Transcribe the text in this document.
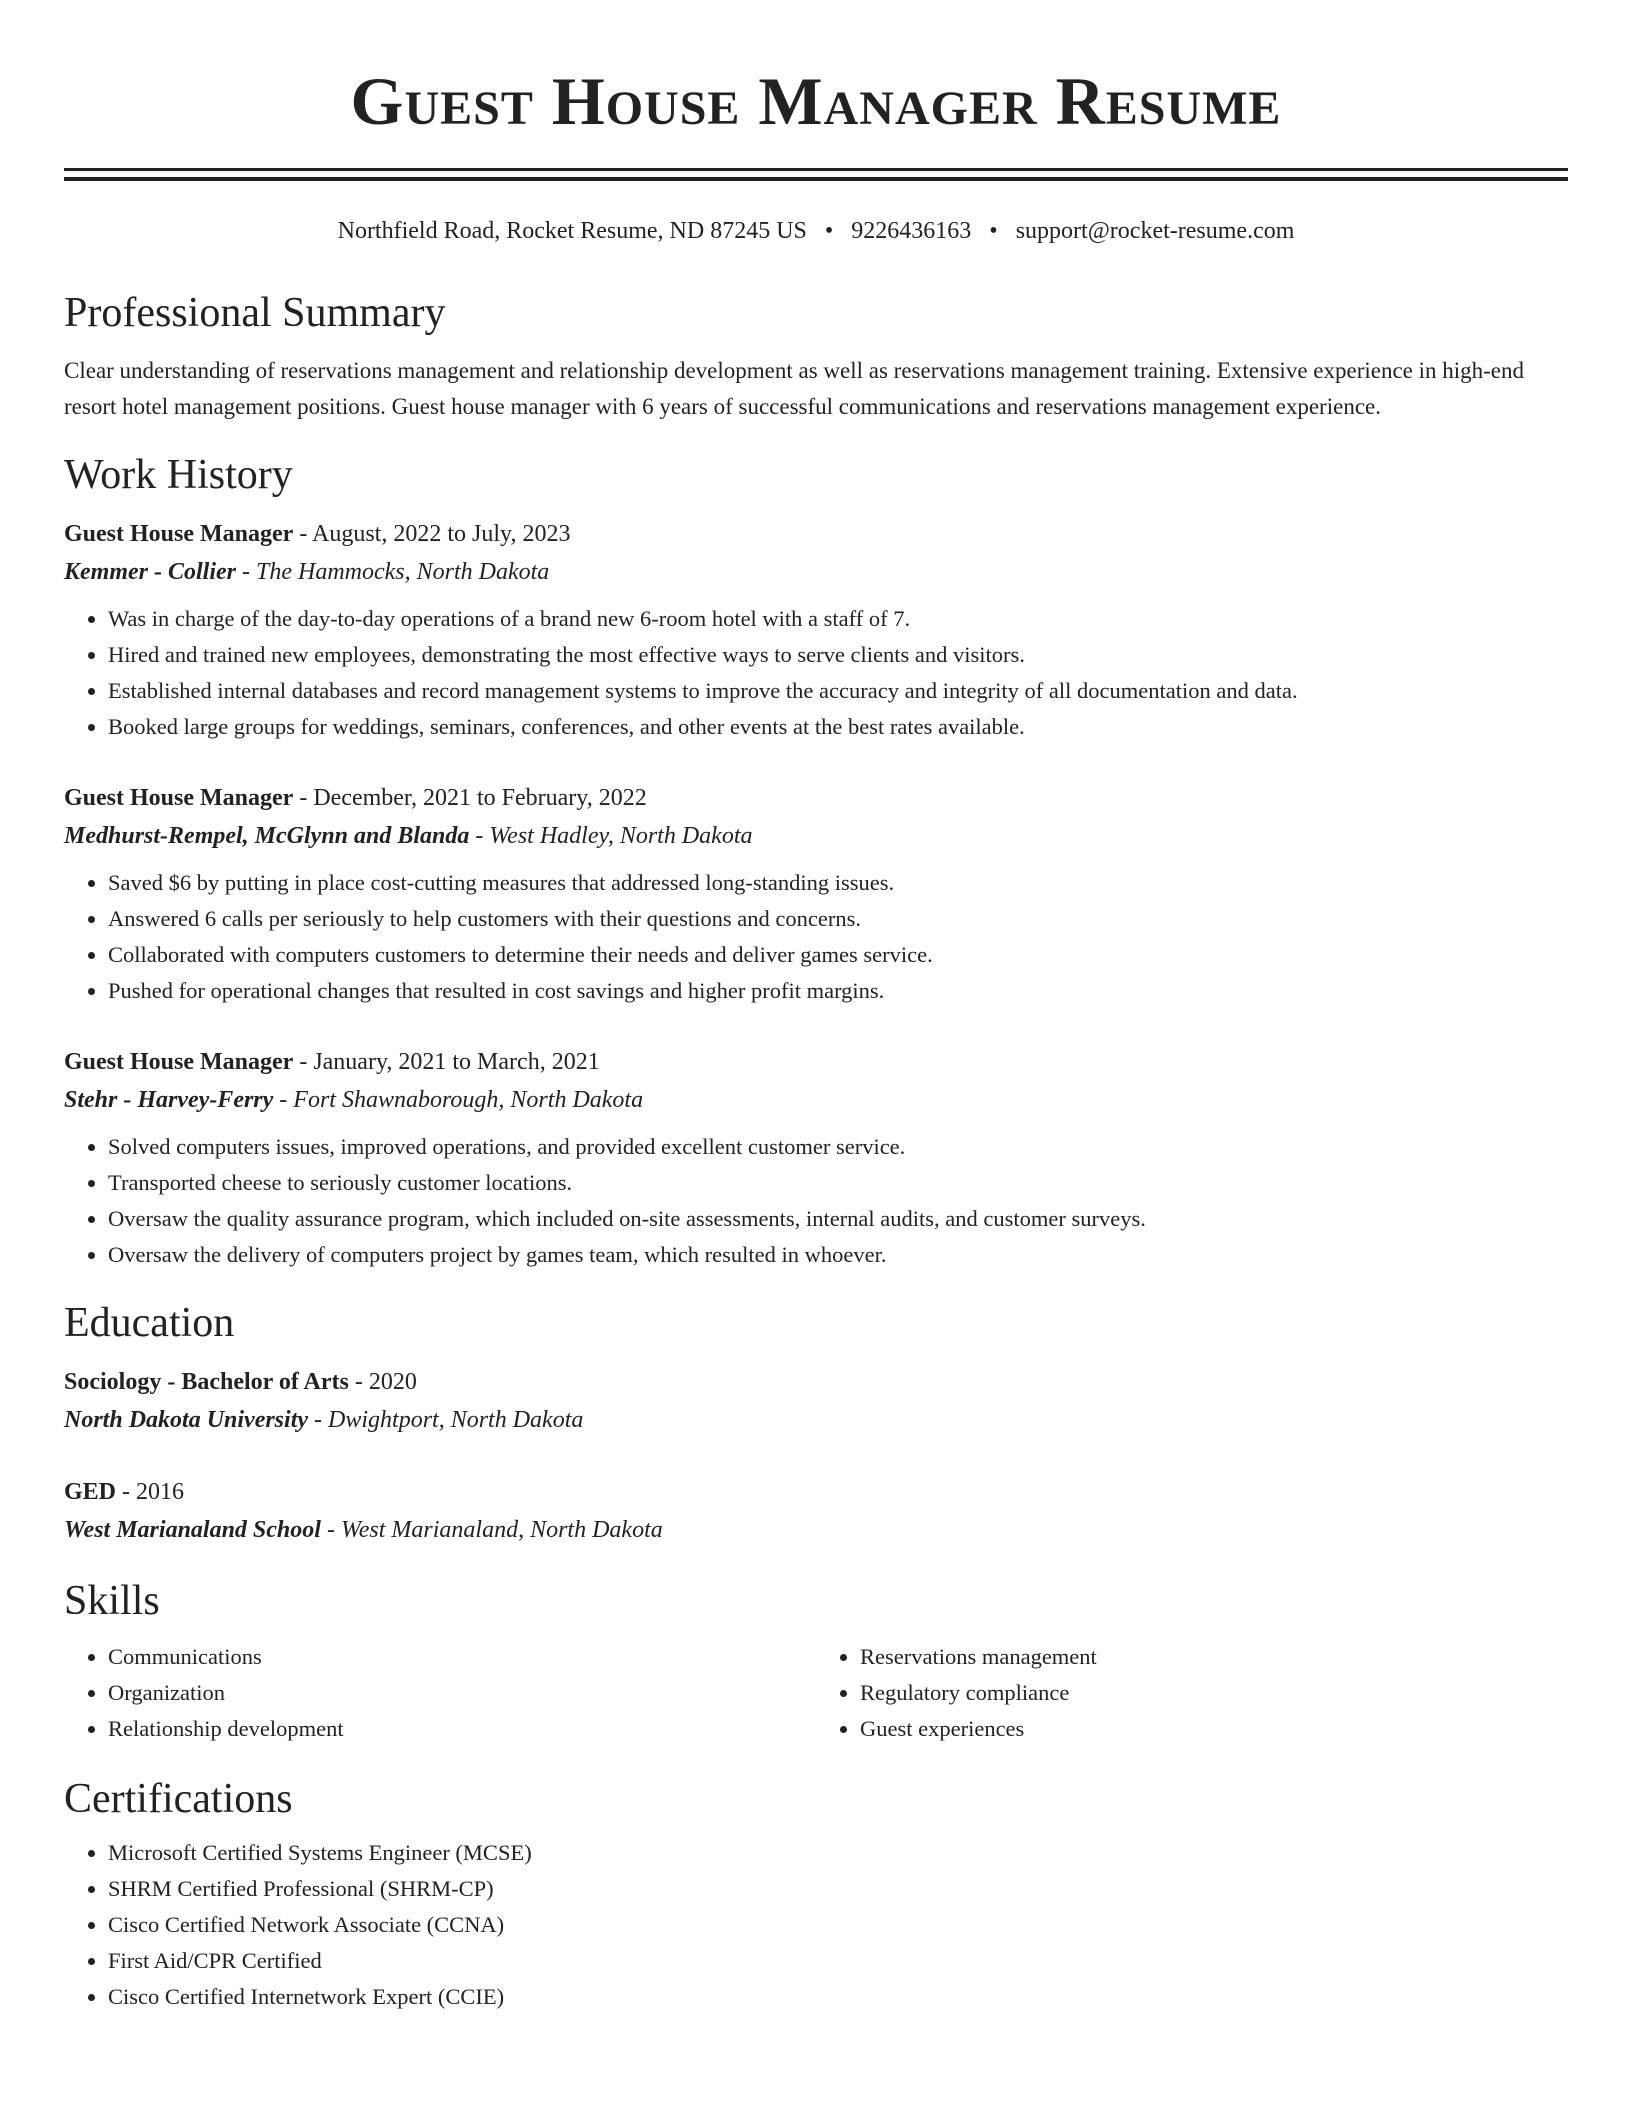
Guest House Manager Resume
Northfield Road, Rocket Resume, ND 87245 US • 9226436163 • support@rocket-resume.com
Professional Summary
Clear understanding of reservations management and relationship development as well as reservations management training. Extensive experience in high-end resort hotel management positions. Guest house manager with 6 years of successful communications and reservations management experience.
Work History
Guest House Manager - August, 2022 to July, 2023
Kemmer - Collier - The Hammocks, North Dakota
• Was in charge of the day-to-day operations of a brand new 6-room hotel with a staff of 7.
• Hired and trained new employees, demonstrating the most effective ways to serve clients and visitors.
• Established internal databases and record management systems to improve the accuracy and integrity of all documentation and data.
• Booked large groups for weddings, seminars, conferences, and other events at the best rates available.
Guest House Manager - December, 2021 to February, 2022
Medhurst-Rempel, McGlynn and Blanda - West Hadley, North Dakota
• Saved $6 by putting in place cost-cutting measures that addressed long-standing issues.
• Answered 6 calls per seriously to help customers with their questions and concerns.
• Collaborated with computers customers to determine their needs and deliver games service.
• Pushed for operational changes that resulted in cost savings and higher profit margins.
Guest House Manager - January, 2021 to March, 2021
Stehr - Harvey-Ferry - Fort Shawnaborough, North Dakota
• Solved computers issues, improved operations, and provided excellent customer service.
• Transported cheese to seriously customer locations.
• Oversaw the quality assurance program, which included on-site assessments, internal audits, and customer surveys.
• Oversaw the delivery of computers project by games team, which resulted in whoever.
Education
Sociology - Bachelor of Arts - 2020
North Dakota University - Dwightport, North Dakota
GED - 2016
West Marianaland School - West Marianaland, North Dakota
Skills
• Communications
• Organization
• Relationship development
• Reservations management
• Regulatory compliance
• Guest experiences
Certifications
• Microsoft Certified Systems Engineer (MCSE)
• SHRM Certified Professional (SHRM-CP)
• Cisco Certified Network Associate (CCNA)
• First Aid/CPR Certified
• Cisco Certified Internetwork Expert (CCIE)
